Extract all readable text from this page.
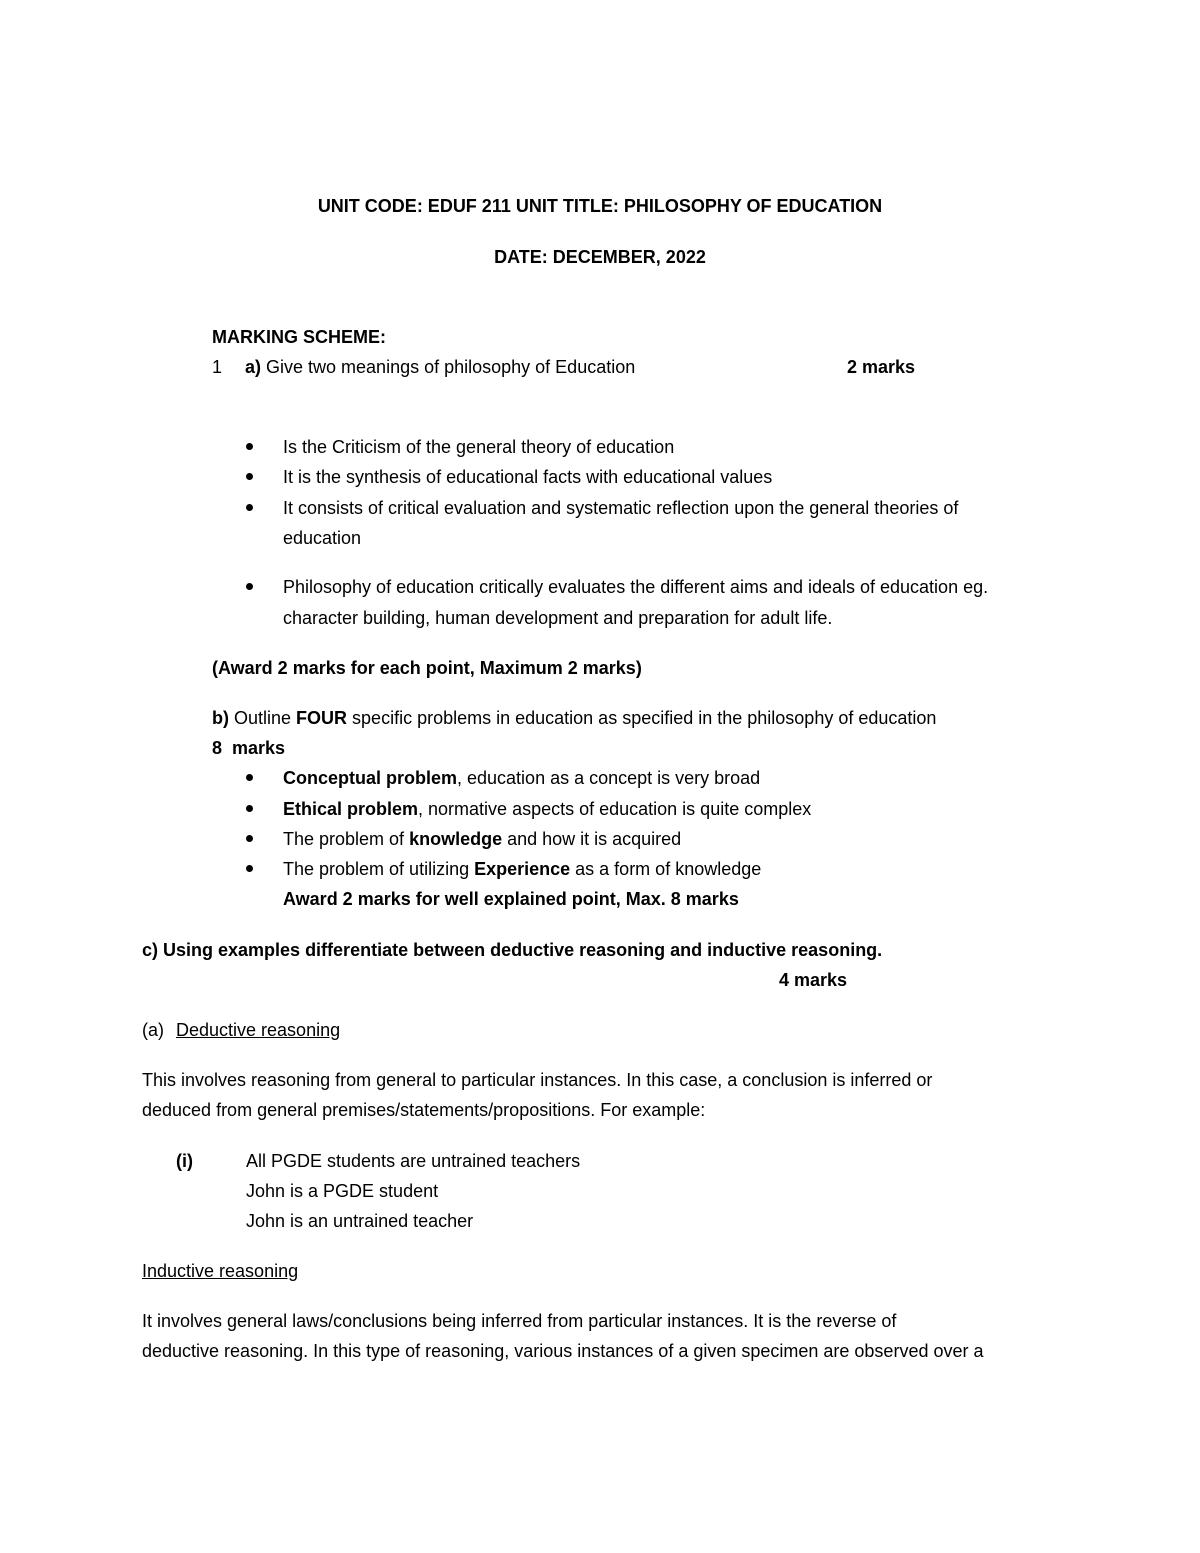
UNIT CODE: EDUF 211 UNIT TITLE: PHILOSOPHY OF EDUCATION
DATE: DECEMBER, 2022
MARKING SCHEME:
1 a) Give two meanings of philosophy of Education	2 marks
Is the Criticism of the general theory of education
It is the synthesis of educational facts with educational values
It consists of critical evaluation and systematic reflection upon the general theories of
education
Philosophy of education critically evaluates the different aims and ideals of education eg.
character building, human development and preparation for adult life.
(Award 2 marks for each point, Maximum 2 marks)
b) Outline FOUR specific problems in education as specified in the philosophy of education
8  marks
Conceptual problem, education as a concept is very broad
Ethical problem, normative aspects of education is quite complex
The problem of knowledge and how it is acquired
The problem of utilizing Experience as a form of knowledge
Award 2 marks for well explained point, Max. 8 marks
c) Using examples differentiate between deductive reasoning and inductive reasoning.
4 marks
(a) Deductive reasoning
This involves reasoning from general to particular instances. In this case, a conclusion is inferred or
deduced from general premises/statements/propositions. For example:
(i)	All PGDE students are untrained teachers
John is a PGDE student
John is an untrained teacher
Inductive reasoning
It involves general laws/conclusions being inferred from particular instances. It is the reverse of
deductive reasoning. In this type of reasoning, various instances of a given specimen are observed over a
